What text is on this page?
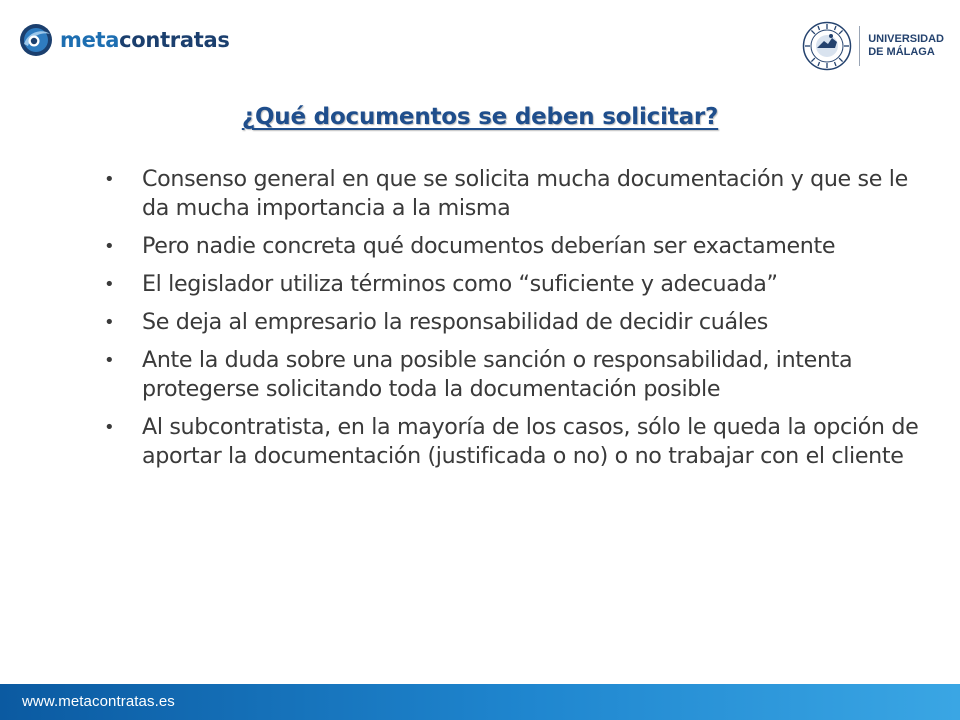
metacontratas	UNIVERSIDAD
DE MÁLAGA
¿Qué documentos se deben solicitar?
• Consenso general en que se solicita mucha documentación y que se le da mucha importancia a la misma
• Pero nadie concreta qué documentos deberían ser exactamente
• El legislador utiliza términos como “suficiente y adecuada”
• Se deja al empresario la responsabilidad de decidir cuáles
• Ante la duda sobre una posible sanción o responsabilidad, intenta protegerse solicitando toda la documentación posible
• Al subcontratista, en la mayoría de los casos, sólo le queda la opción de aportar la documentación (justificada o no) o no trabajar con el cliente
www.metacontratas.es
